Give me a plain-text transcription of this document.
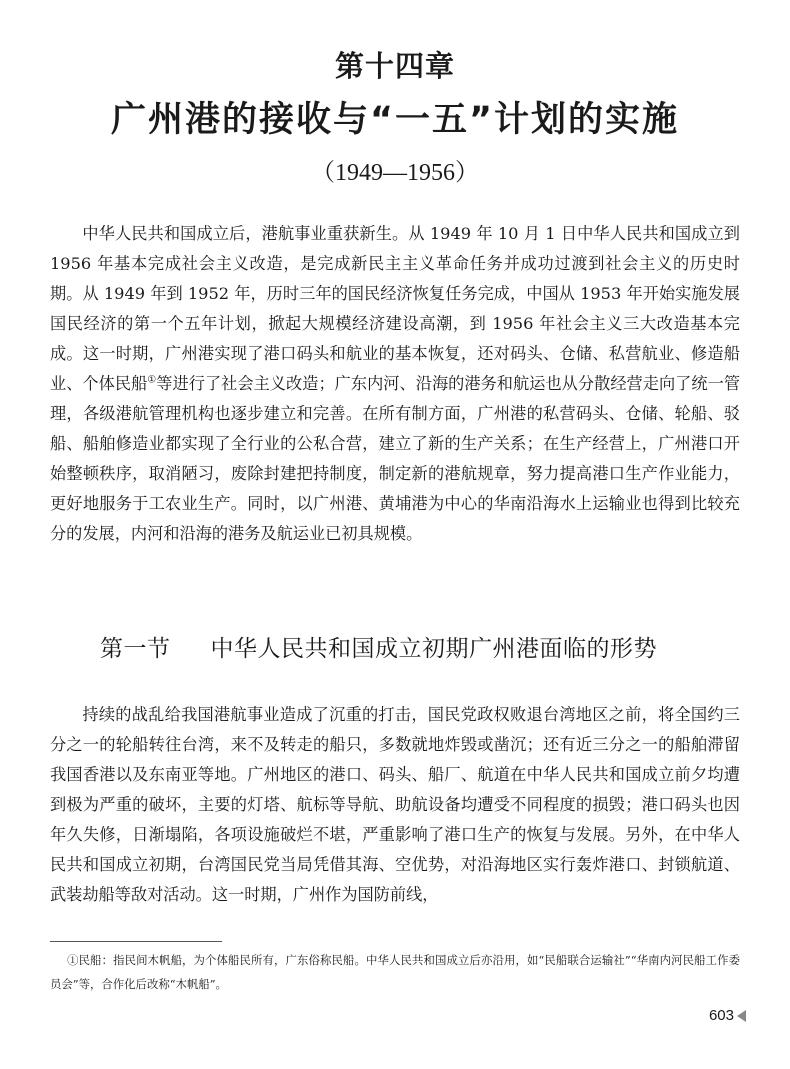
第十四章
广州港的接收与“一五”计划的实施
（1949—1956）

中华人民共和国成立后，港航事业重获新生。从 1949 年 10 月 1 日中华人民共和国成立到 1956 年基本完成社会主义改造，是完成新民主主义革命任务并成功过渡到社会主义的历史时期。从 1949 年到 1952 年，历时三年的国民经济恢复任务完成，中国从 1953 年开始实施发展国民经济的第一个五年计划，掀起大规模经济建设高潮，到 1956 年社会主义三大改造基本完成。这一时期，广州港实现了港口码头和航业的基本恢复，还对码头、仓储、私营航业、修造船业、个体民船①等进行了社会主义改造；广东内河、沿海的港务和航运也从分散经营走向了统一管理，各级港航管理机构也逐步建立和完善。在所有制方面，广州港的私营码头、仓储、轮船、驳船、船舶修造业都实现了全行业的公私合营，建立了新的生产关系；在生产经营上，广州港口开始整顿秩序，取消陋习，废除封建把持制度，制定新的港航规章，努力提高港口生产作业能力，更好地服务于工农业生产。同时，以广州港、黄埔港为中心的华南沿海水上运输业也得到比较充分的发展，内河和沿海的港务及航运业已初具规模。

第一节 中华人民共和国成立初期广州港面临的形势

持续的战乱给我国港航事业造成了沉重的打击，国民党政权败退台湾地区之前，将全国约三分之一的轮船转往台湾，来不及转走的船只，多数就地炸毁或凿沉；还有近三分之一的船舶滞留我国香港以及东南亚等地。广州地区的港口、码头、船厂、航道在中华人民共和国成立前夕均遭到极为严重的破坏，主要的灯塔、航标等导航、助航设备均遭受不同程度的损毁；港口码头也因年久失修，日渐塌陷，各项设施破烂不堪，严重影响了港口生产的恢复与发展。另外，在中华人民共和国成立初期，台湾国民党当局凭借其海、空优势，对沿海地区实行轰炸港口、封锁航道、武装劫船等敌对活动。这一时期，广州作为国防前线，

①民船：指民间木帆船，为个体船民所有，广东俗称民船。中华人民共和国成立后亦沿用，如“民船联合运输社”“华南内河民船工作委员会”等，合作化后改称“木帆船”。

603
